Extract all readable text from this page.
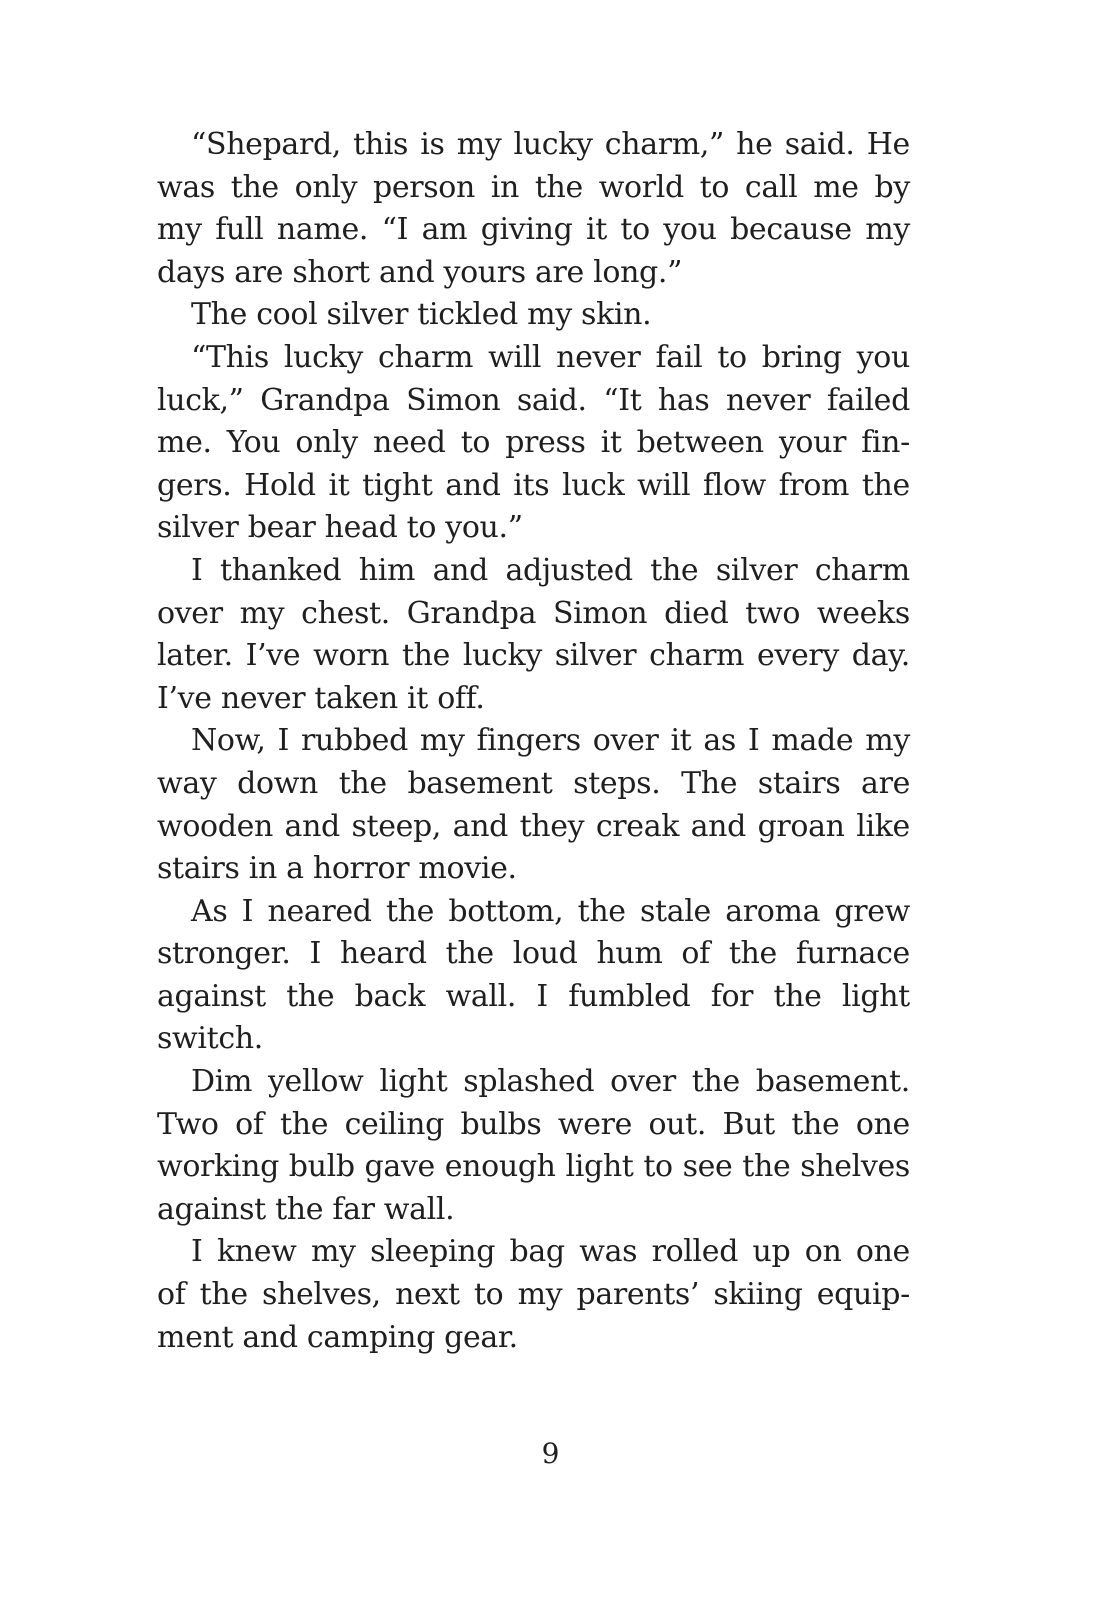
“Shepard, this is my lucky charm,” he said. He
was the only person in the world to call me by
my full name. “I am giving it to you because my
days are short and yours are long.”
The cool silver tickled my skin.
“This lucky charm will never fail to bring you
luck,” Grandpa Simon said. “It has never failed
me. You only need to press it between your fin-
gers. Hold it tight and its luck will flow from the
silver bear head to you.”
I thanked him and adjusted the silver charm
over my chest. Grandpa Simon died two weeks
later. I’ve worn the lucky silver charm every day.
I’ve never taken it off.
Now, I rubbed my fingers over it as I made my
way down the basement steps. The stairs are
wooden and steep, and they creak and groan like
stairs in a horror movie.
As I neared the bottom, the stale aroma grew
stronger. I heard the loud hum of the furnace
against the back wall. I fumbled for the light
switch.
Dim yellow light splashed over the basement.
Two of the ceiling bulbs were out. But the one
working bulb gave enough light to see the shelves
against the far wall.
I knew my sleeping bag was rolled up on one
of the shelves, next to my parents’ skiing equip-
ment and camping gear.
9
